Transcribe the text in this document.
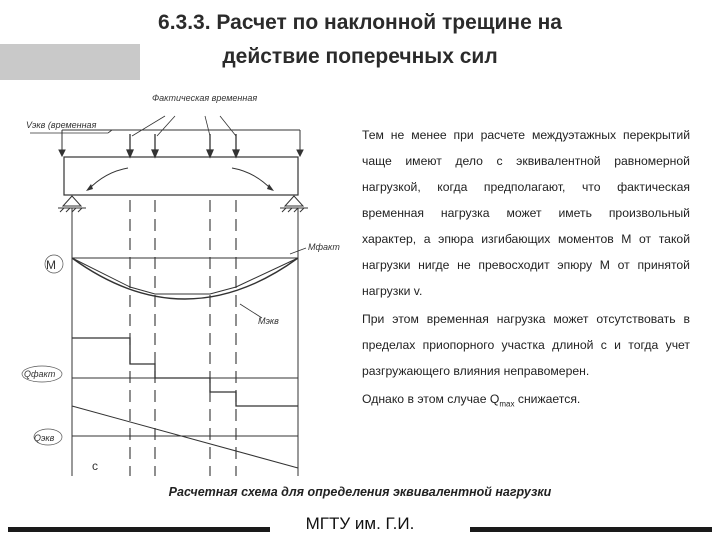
6.3.3. Расчет по наклонной трещине на
действие поперечных сил
Фактическая временная
Vэкв (временная
M
Mфакт
Mэкв
Qфакт
Qэкв
c

Тем не менее при расчете междуэтажных перекрытий чаще имеют дело с эквивалентной равномерной нагрузкой, когда предполагают, что фактическая временная нагрузка может иметь произвольный характер, а эпюра изгибающих моментов М от такой нагрузки нигде не превосходит эпюру М от принятой нагрузки v.

При этом временная нагрузка может отсутствовать в пределах приопорного участка длиной с и тогда учет разгружающего влияния неправомерен.

Однако в этом случае $Q_{max}$ снижается.

Расчетная схема для определения эквивалентной нагрузки
МГТУ им. Г.И.
